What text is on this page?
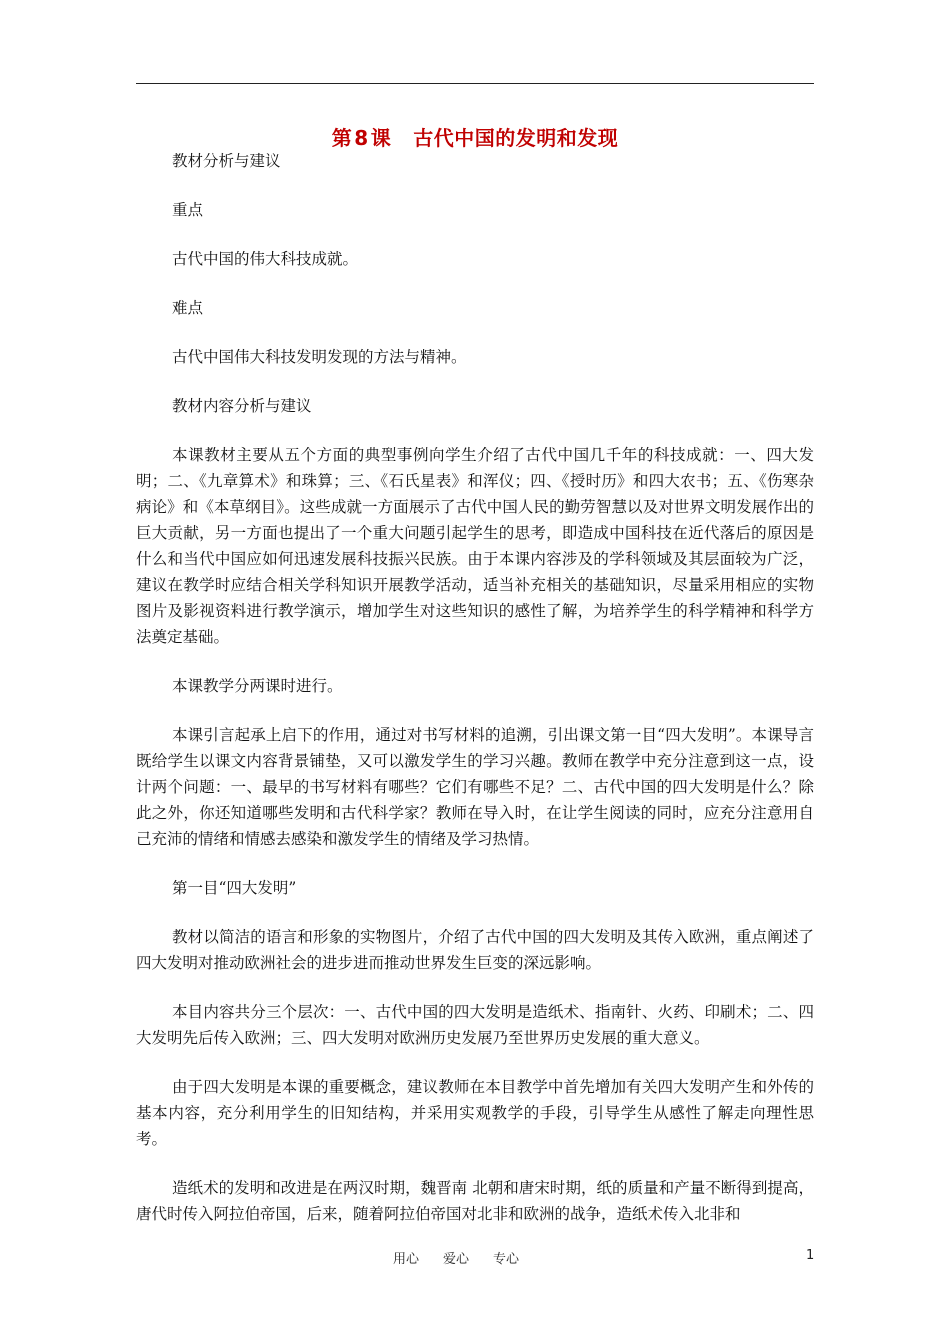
第 8 课 古代中国的发明和发现

教材分析与建议

重点

古代中国的伟大科技成就。

难点

古代中国伟大科技发明发现的方法与精神。

教材内容分析与建议

本课教材主要从五个方面的典型事例向学生介绍了古代中国几千年的科技成就：一、四大发明；二、《九章算术》和珠算；三、《石氏星表》和浑仪；四、《授时历》和四大农书；五、《伤寒杂病论》和《本草纲目》。这些成就一方面展示了古代中国人民的勤劳智慧以及对世界文明发展作出的巨大贡献，另一方面也提出了一个重大问题引起学生的思考，即造成中国科技在近代落后的原因是什么和当代中国应如何迅速发展科技振兴民族。由于本课内容涉及的学科领域及其层面较为广泛，建议在教学时应结合相关学科知识开展教学活动，适当补充相关的基础知识，尽量采用相应的实物图片及影视资料进行教学演示，增加学生对这些知识的感性了解，为培养学生的科学精神和科学方法奠定基础。

本课教学分两课时进行。

本课引言起承上启下的作用，通过对书写材料的追溯，引出课文第一目“四大发明”。本课导言既给学生以课文内容背景铺垫，又可以激发学生的学习兴趣。教师在教学中充分注意到这一点，设计两个问题：一、最早的书写材料有哪些？它们有哪些不足？二、古代中国的四大发明是什么？除此之外，你还知道哪些发明和古代科学家？教师在导入时，在让学生阅读的同时，应充分注意用自己充沛的情绪和情感去感染和激发学生的情绪及学习热情。

第一目“四大发明”

教材以简洁的语言和形象的实物图片，介绍了古代中国的四大发明及其传入欧洲，重点阐述了四大发明对推动欧洲社会的进步进而推动世界发生巨变的深远影响。

本目内容共分三个层次：一、古代中国的四大发明是造纸术、指南针、火药、印刷术；二、四大发明先后传入欧洲；三、四大发明对欧洲历史发展乃至世界历史发展的重大意义。

由于四大发明是本课的重要概念，建议教师在本目教学中首先增加有关四大发明产生和外传的基本内容，充分利用学生的旧知结构，并采用实观教学的手段，引导学生从感性了解走向理性思考。

造纸术的发明和改进是在两汉时期，魏晋南 北朝和唐宋时期，纸的质量和产量不断得到提高，唐代时传入阿拉伯帝国，后来，随着阿拉伯帝国对北非和欧洲的战争，造纸术传入北非和

用心 爱心 专心	1
